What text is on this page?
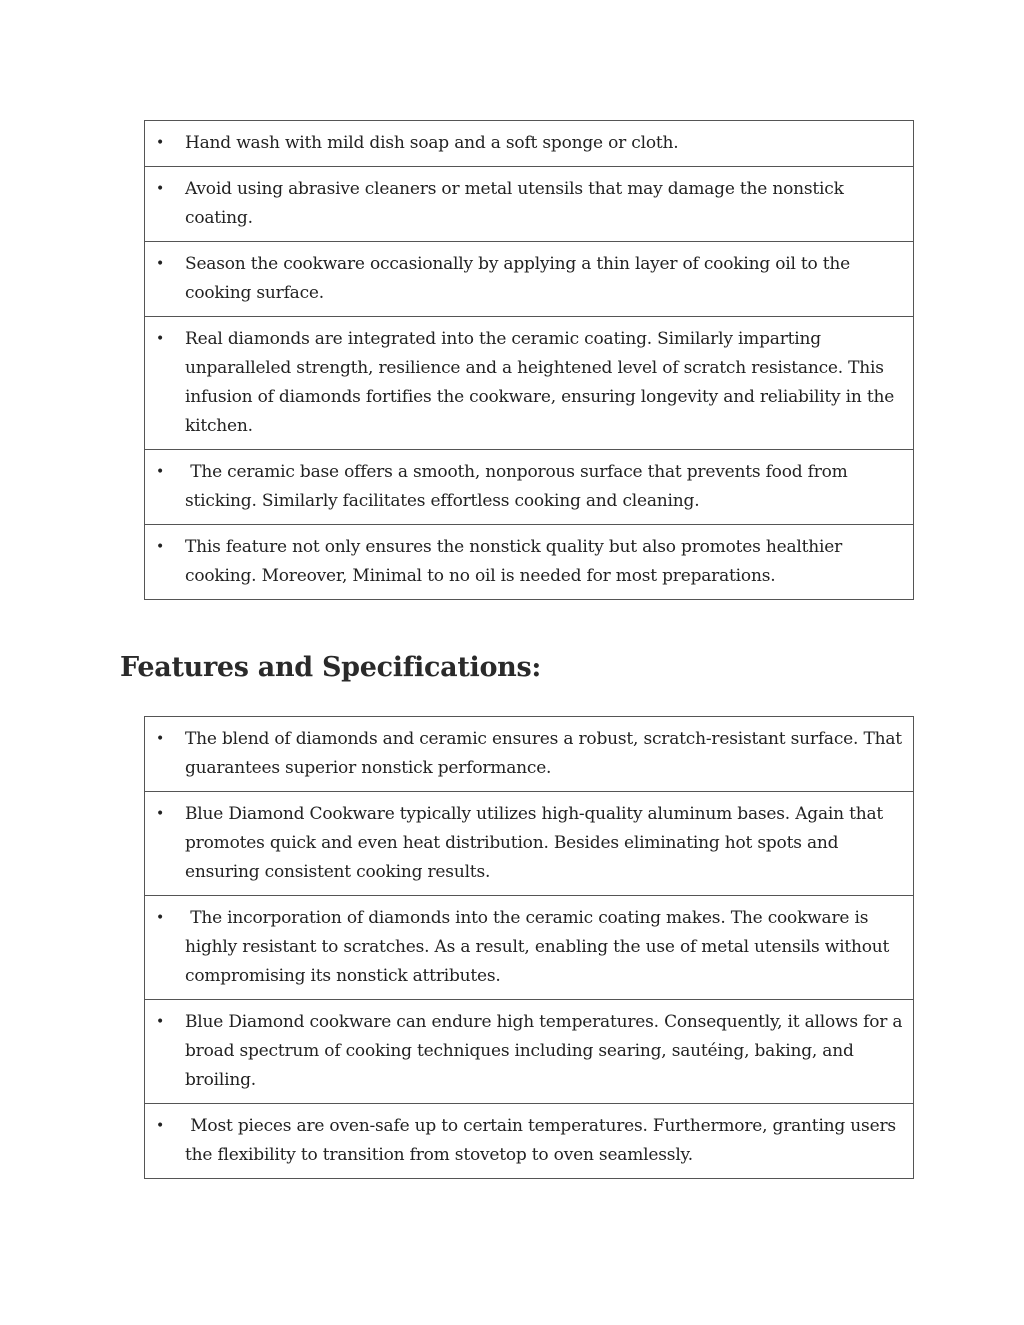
• Hand wash with mild dish soap and a soft sponge or cloth.

• Avoid using abrasive cleaners or metal utensils that may damage the nonstick coating.

• Season the cookware occasionally by applying a thin layer of cooking oil to the cooking surface.

• Real diamonds are integrated into the ceramic coating. Similarly imparting unparalleled strength, resilience and a heightened level of scratch resistance. This infusion of diamonds fortifies the cookware, ensuring longevity and reliability in the kitchen.

• The ceramic base offers a smooth, nonporous surface that prevents food from sticking. Similarly facilitates effortless cooking and cleaning.

• This feature not only ensures the nonstick quality but also promotes healthier cooking. Moreover, Minimal to no oil is needed for most preparations.
Features and Specifications:
• The blend of diamonds and ceramic ensures a robust, scratch-resistant surface. That guarantees superior nonstick performance.

• Blue Diamond Cookware typically utilizes high-quality aluminum bases. Again that promotes quick and even heat distribution. Besides eliminating hot spots and ensuring consistent cooking results.

• The incorporation of diamonds into the ceramic coating makes. The cookware is highly resistant to scratches. As a result, enabling the use of metal utensils without compromising its nonstick attributes.

• Blue Diamond cookware can endure high temperatures. Consequently, it allows for a broad spectrum of cooking techniques including searing, sautéing, baking, and broiling.

• Most pieces are oven-safe up to certain temperatures. Furthermore, granting users the flexibility to transition from stovetop to oven seamlessly.
